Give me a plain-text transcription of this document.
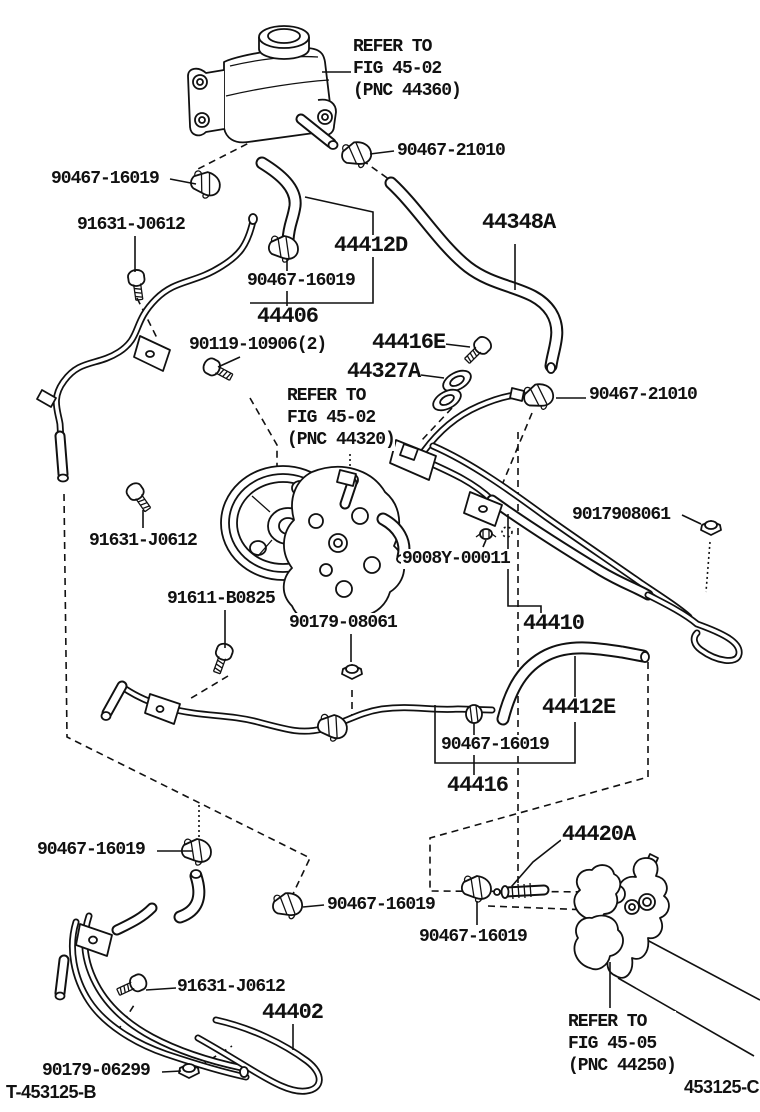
REFER TO
FIG 45-02
(PNC 44360)
90467-21010
90467-16019
91631-J0612
44412D
90467-16019
44406
90119-10906(2) 44416E
44327A
44348A
90467-21010
REFER TO
FIG 45-02
(PNC 44320)
91631-J0612
91611-B0825
90179-08061
9008Y-00011
9017908061
44410
44412E
90467-16019
44416
90467-16019
90467-16019
91631-J0612
44402
90179-06299
44420A
90467-16019
REFER TO
FIG 45-05
(PNC 44250)
T-453125-B	453125-C
